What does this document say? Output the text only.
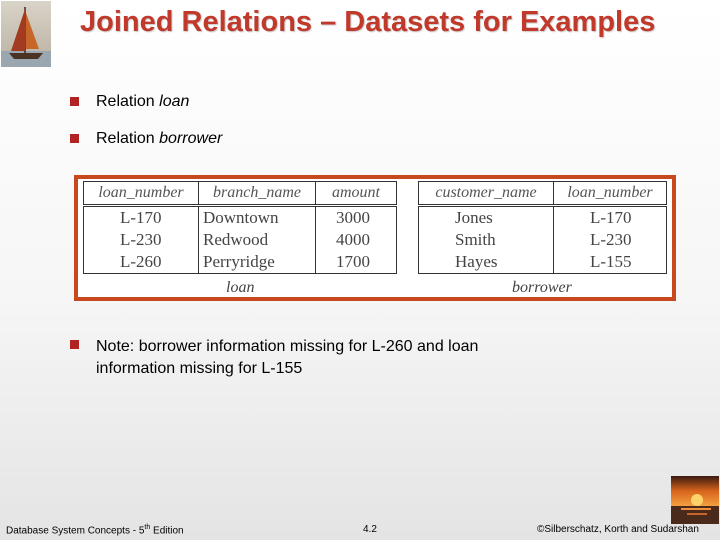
Joined Relations – Datasets for Examples
Relation loan
Relation borrower
loan_number	branch_name	amount
L-170	Downtown	3000
L-230	Redwood	4000
L-260	Perryridge	1700
customer_name	loan_number
Jones	L-170
Smith	L-230
Hayes	L-155
loan	borrower
Note: borrower information missing for L-260 and loan
information missing for L-155
Database System Concepts - 5th Edition	4.2	©Silberschatz, Korth and Sudarshan
